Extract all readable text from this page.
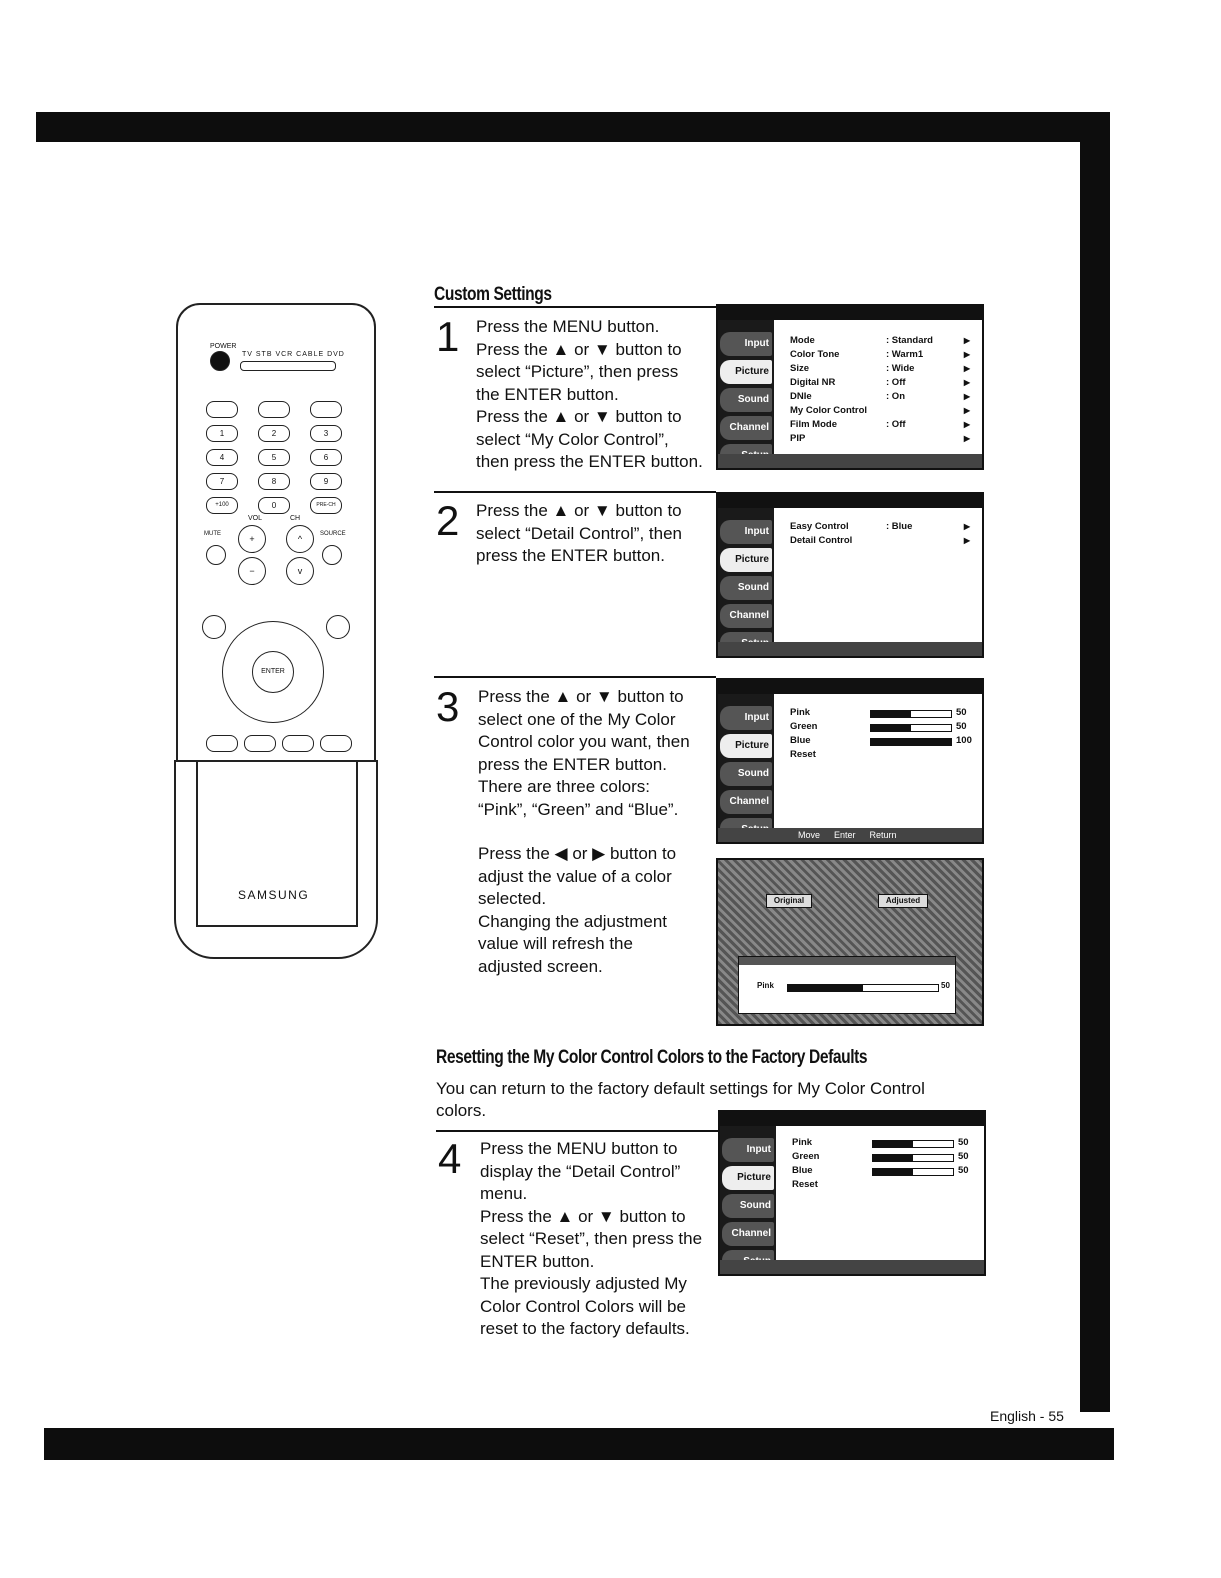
POWER
TV STB VCR CABLE DVD
1	2	3
4	5	6
7	8	9
+100	0	PRE-CH
VOL	CH
MUTE	SOURCE
+
−
^
v
ENTER
SAMSUNG
Custom Settings
1 Press the MENU button.

Press the ▲ or ▼ button to

select “Picture”, then press

the ENTER button.

Press the ▲ or ▼ button to

select “My Color Control”,

then press the ENTER button.

Input
Picture
Sound
Channel
Mode	: Standard	▶
Color Tone	: Warm1	▶
Size	: Wide	▶
Digital NR	: Off	▶
DNIe	: On	▶
My Color Control	▶
Film Mode	: Off	▶
PIP	▶
2 Press the ▲ or ▼ button to

select “Detail Control”, then

press the ENTER button.

Input
Picture
Sound
Channel
Easy Control	: Blue	▶
Detail Control	▶
3 Press the ▲ or ▼ button to

select one of the My Color

Control color you want, then

press the ENTER button.

There are three colors:

“Pink”, “Green” and “Blue”.

Press the ◀ or ▶ button to

adjust the value of a color

selected.

Changing the adjustment

value will refresh the

adjusted screen.

Input
Picture
Sound
Channel
Pink	50
Green	50
Blue	100
Reset
Move Enter Return
Original	Adjusted
Pink	50
Resetting the My Color Control Colors to the Factory Defaults
You can return to the factory default settings for My Color Control
colors.
4 Press the MENU button to

display the “Detail Control”

menu.

Press the ▲ or ▼ button to

select “Reset”, then press the

ENTER button.

The previously adjusted My

Color Control Colors will be

reset to the factory defaults.

Input
Picture
Sound
Channel
Pink	50
Green	50
Blue	50
Reset
English - 55
